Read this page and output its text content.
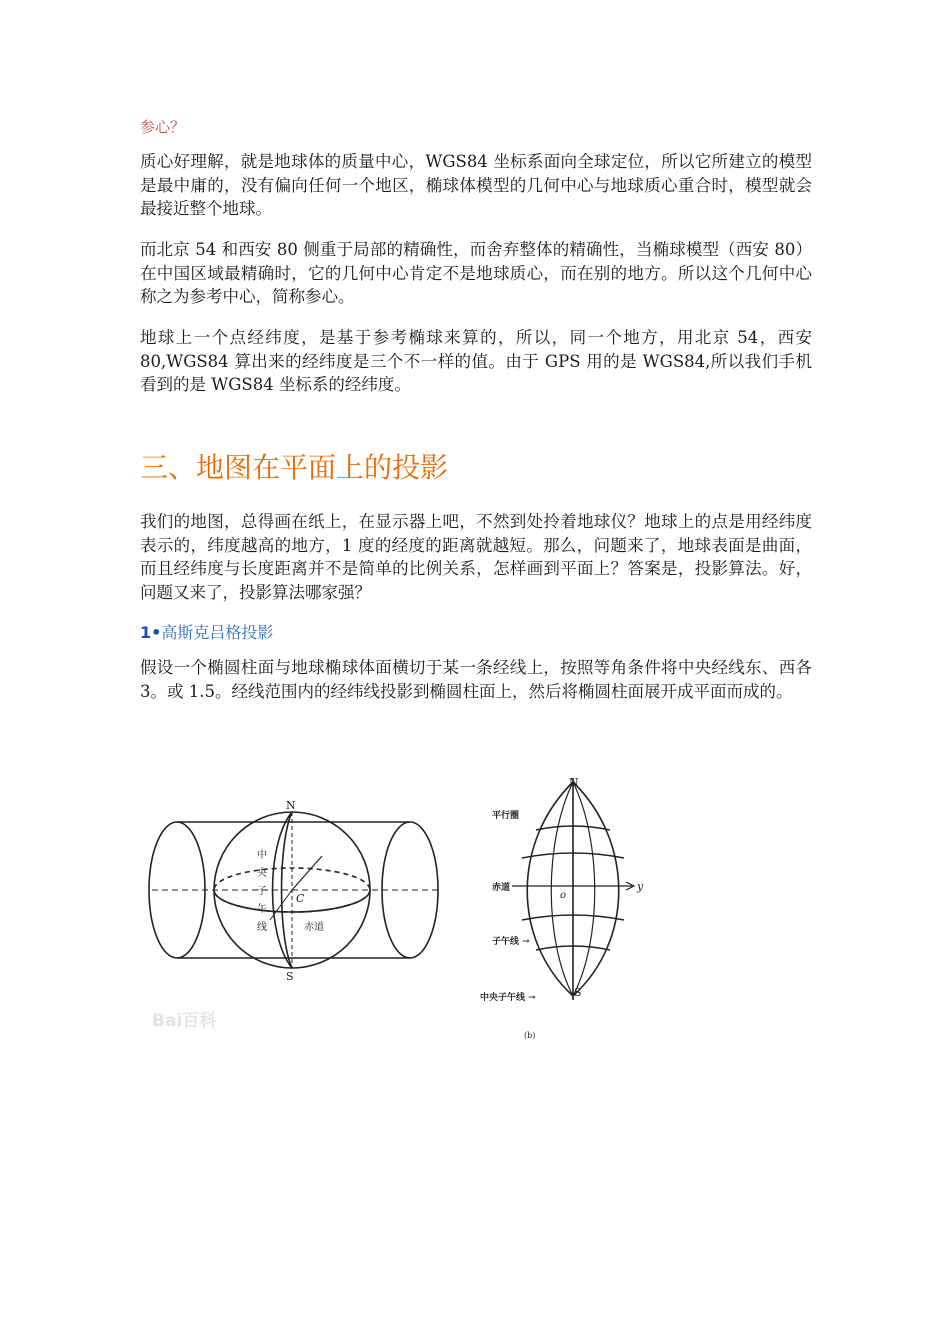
参心？

质心好理解，就是地球体的质量中心，WGS84 坐标系面向全球定位，所以它所建立的模型是最中庸的，没有偏向任何一个地区，椭球体模型的几何中心与地球质心重合时，模型就会最接近整个地球。

而北京 54 和西安 80 侧重于局部的精确性，而舍弃整体的精确性，当椭球模型（西安 80）在中国区域最精确时，它的几何中心肯定不是地球质心，而在别的地方。所以这个几何中心称之为参考中心，简称参心。

地球上一个点经纬度，是基于参考椭球来算的，所以，同一个地方，用北京 54，西安 80,WGS84 算出来的经纬度是三个不一样的值。由于 GPS 用的是 WGS84,所以我们手机看到的是 WGS84 坐标系的经纬度。

三、地图在平面上的投影

我们的地图，总得画在纸上，在显示器上吧，不然到处拎着地球仪？地球上的点是用经纬度表示的，纬度越高的地方，1 度的经度的距离就越短。那么，问题来了，地球表面是曲面，而且经纬度与长度距离并不是简单的比例关系，怎样画到平面上？答案是，投影算法。好，问题又来了，投影算法哪家强？

1•高斯克吕格投影

假设一个椭圆柱面与地球椭球体面横切于某一条经线上，按照等角条件将中央经线东、西各 3。或 1.5。经线范围内的经纬线投影到椭圆柱面上，然后将椭圆柱面展开成平面而成的。

N
S
C
赤道
中
央
子
午
线
Bai百科
N
S
o
y
平行圈
赤道
子午线 →
中央子午线 →
(b)
